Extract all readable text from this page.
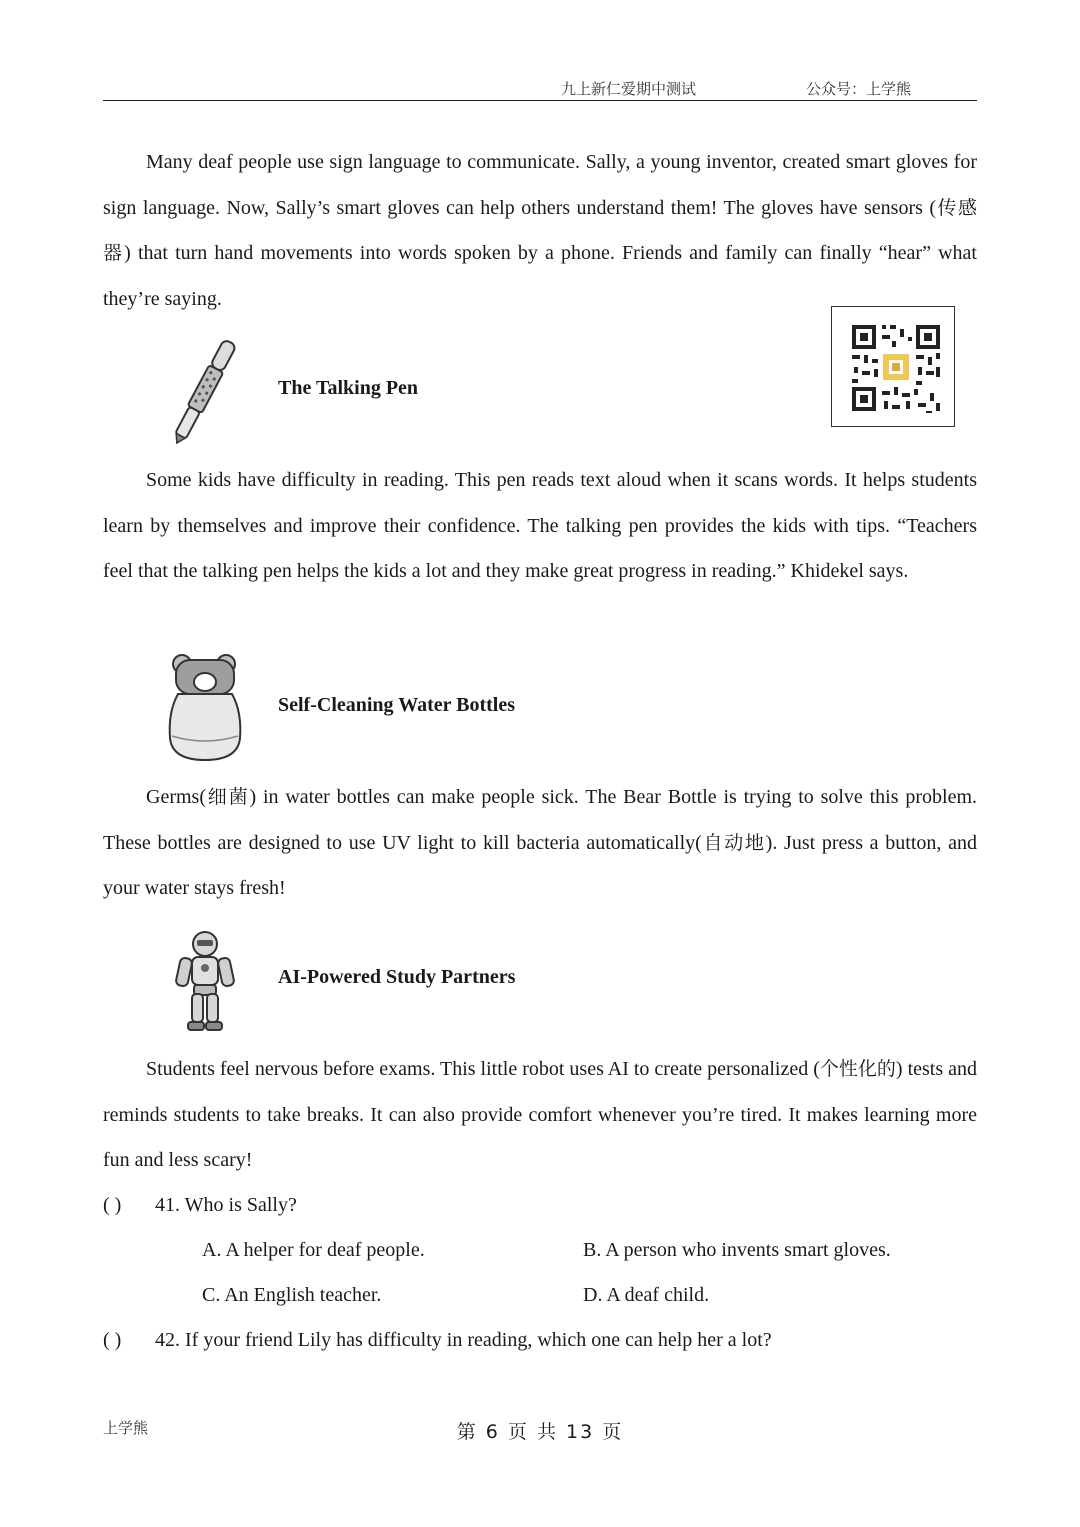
九上新仁爱期中测试	公众号：上学熊

Many deaf people use sign language to communicate. Sally, a young inventor, created smart gloves for sign language. Now, Sally’s smart gloves can help others understand them! The gloves have sensors (传感器) that turn hand movements into words spoken by a phone. Friends and family can finally “hear” what they’re saying.

The Talking Pen

Some kids have difficulty in reading. This pen reads text aloud when it scans words. It helps students learn by themselves and improve their confidence. The talking pen provides the kids with tips. “Teachers feel that the talking pen helps the kids a lot and they make great progress in reading.” Khidekel says.

Self-Cleaning Water Bottles

Germs(细菌) in water bottles can make people sick. The Bear Bottle is trying to solve this problem. These bottles are designed to use UV light to kill bacteria automatically(自动地). Just press a button, and your water stays fresh!

AI-Powered Study Partners

Students feel nervous before exams. This little robot uses AI to create personalized (个性化的) tests and reminds students to take breaks. It can also provide comfort whenever you’re tired. It makes learning more fun and less scary!

( ) 41. Who is Sally?
A. A helper for deaf people.	B. A person who invents smart gloves.
C. An English teacher.	D. A deaf child.
( ) 42. If your friend Lily has difficulty in reading, which one can help her a lot?
上学熊	第 6 页 共 13 页
